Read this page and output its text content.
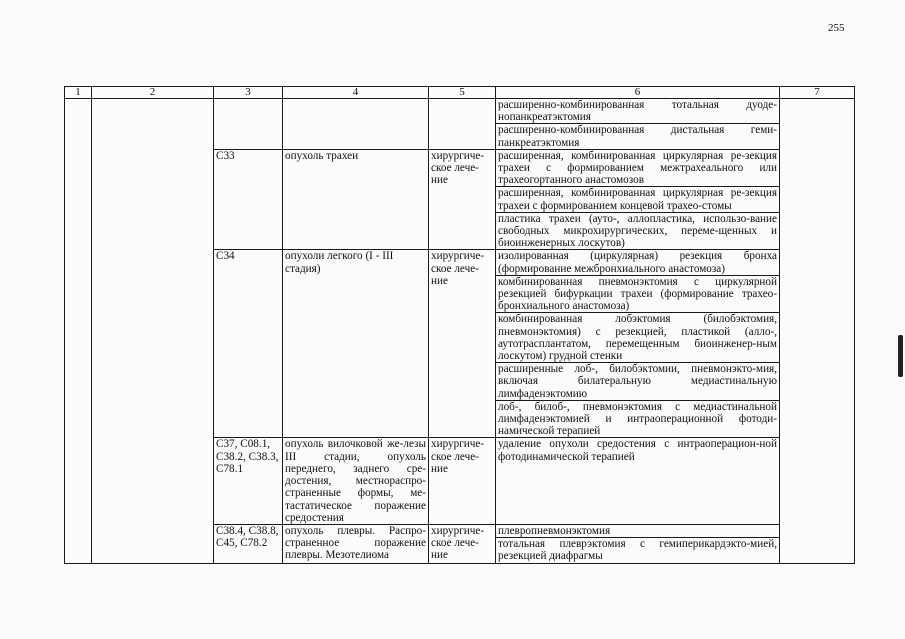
255
1	2	3	4	5	6	7
					расширенно-комбинированная тотальная дуоде-нопанкреатэктомия	
					расширенно-комбинированная дистальная геми-панкреатэктомия	
		С33	опухоль трахеи	хирургиче-ское лече-ние	расширенная, комбинированная циркулярная ре-зекция трахеи с формированием межтрахеального или трахеогортанного анастомозов	
					расширенная, комбинированная циркулярная ре-зекция трахеи с формированием концевой трахео-стомы	
					пластика трахеи (ауто-, аллопластика, использо-вание свободных микрохирургических, переме-щенных и биоинженерных лоскутов)	
		С34	опухоли легкого (I - III стадия)	хирургиче-ское лече-ние	изолированная (циркулярная) резекция бронха (формирование межбронхиального анастомоза)	
					комбинированная пневмонэктомия с циркулярной резекцией бифуркации трахеи (формирование трахео-бронхиального анастомоза)	
					комбинированная лобэктомия (билобэктомия, пневмонэктомия) с резекцией, пластикой (алло-, аутотрасплантатом, перемещенным биоинженер-ным лоскутом) грудной стенки	
					расширенные лоб-, билобэктомии, пневмонэкто-мия, включая билатеральную медиастинальную лимфаденэктомию	
					лоб-, билоб-, пневмонэктомия с медиастинальной лимфаденэктомией и интраоперационной фотоди-намической терапией	
		С37, С08.1, С38.2, С38.3, С78.1	опухоль вилочковой же-лезы III стадии, опухоль переднего, заднего сре-достения, местнораспро-страненные формы, ме-тастатическое поражение средостения	хирургиче-ское лече-ние	удаление опухоли средостения с интраоперацион-ной фотодинамической терапией	
		С38.4, С38.8, С45, С78.2	опухоль плевры. Распро-страненное поражение плевры. Мезотелиома	хирургиче-ское лече-ние	плевропневмонэктомия	
					тотальная плеврэктомия с гемиперикардэкто-мией, резекцией диафрагмы	
